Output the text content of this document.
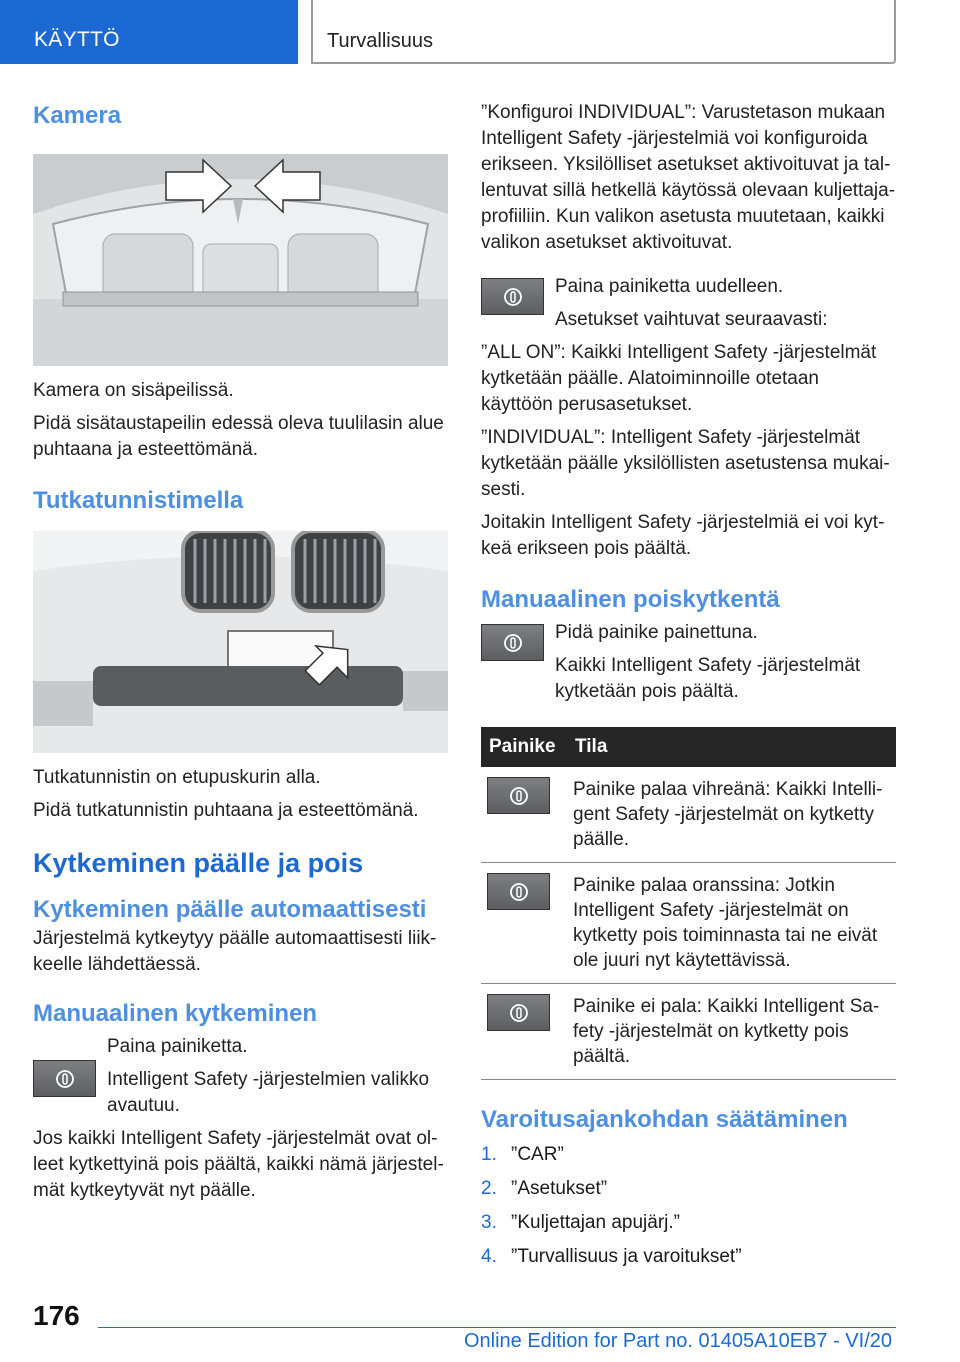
KÄYTTÖ	Turvallisuus
Kamera

Kamera on sisäpeilissä.

Pidä sisätaustapeilin edessä oleva tuulilasin alue puhtaana ja esteettömänä.

Tutkatunnistimella

Tutkatunnistin on etupuskurin alla.

Pidä tutkatunnistin puhtaana ja esteettömänä.

Kytkeminen päälle ja pois
Kytkeminen päälle automaattisesti

Järjestelmä kytkeytyy päälle automaattisesti liikkeelle lähdettäessä.

Manuaalinen kytkeminen

Paina painiketta.

Intelligent Safety -järjestelmien valikko avautuu.

Jos kaikki Intelligent Safety -järjestelmät ovat olleet kytkettyinä pois päältä, kaikki nämä järjestelmät kytkeytyvät nyt päälle.

”Konfiguroi INDIVIDUAL”: Varustetason mukaan Intelligent Safety -järjestelmiä voi konfiguroida erikseen. Yksilölliset asetukset aktivoituvat ja tallentuvat sillä hetkellä käytössä olevaan kuljettajaprofiiliin. Kun valikon asetusta muutetaan, kaikki valikon asetukset aktivoituvat.

Paina painiketta uudelleen.

Asetukset vaihtuvat seuraavasti:

”ALL ON”: Kaikki Intelligent Safety -järjestelmät kytketään päälle. Alatoiminnoille otetaan käyttöön perusasetukset.

”INDIVIDUAL”: Intelligent Safety -järjestelmät kytketään päälle yksilöllisten asetustensa mukaisesti.

Joitakin Intelligent Safety -järjestelmiä ei voi kytkeä erikseen pois päältä.

Manuaalinen poiskytkentä

Pidä painike painettuna.

Kaikki Intelligent Safety -järjestelmät kytketään pois päältä.

Painike	Tila

	Painike palaa vihreänä: Kaikki Intelligent Safety -järjestelmät on kytketty päälle.

	Painike palaa oranssina: Jotkin Intelligent Safety -järjestelmät on kytketty pois toiminnasta tai ne eivät ole juuri nyt käytettävissä.

	Painike ei pala: Kaikki Intelligent Safety -järjestelmät on kytketty pois päältä.
Varoitusajankohdan säätäminen
1. ”CAR”
2. ”Asetukset”
3. ”Kuljettajan apujärj.”
4. ”Turvallisuus ja varoitukset”
176
Online Edition for Part no. 01405A10EB7 - VI/20
